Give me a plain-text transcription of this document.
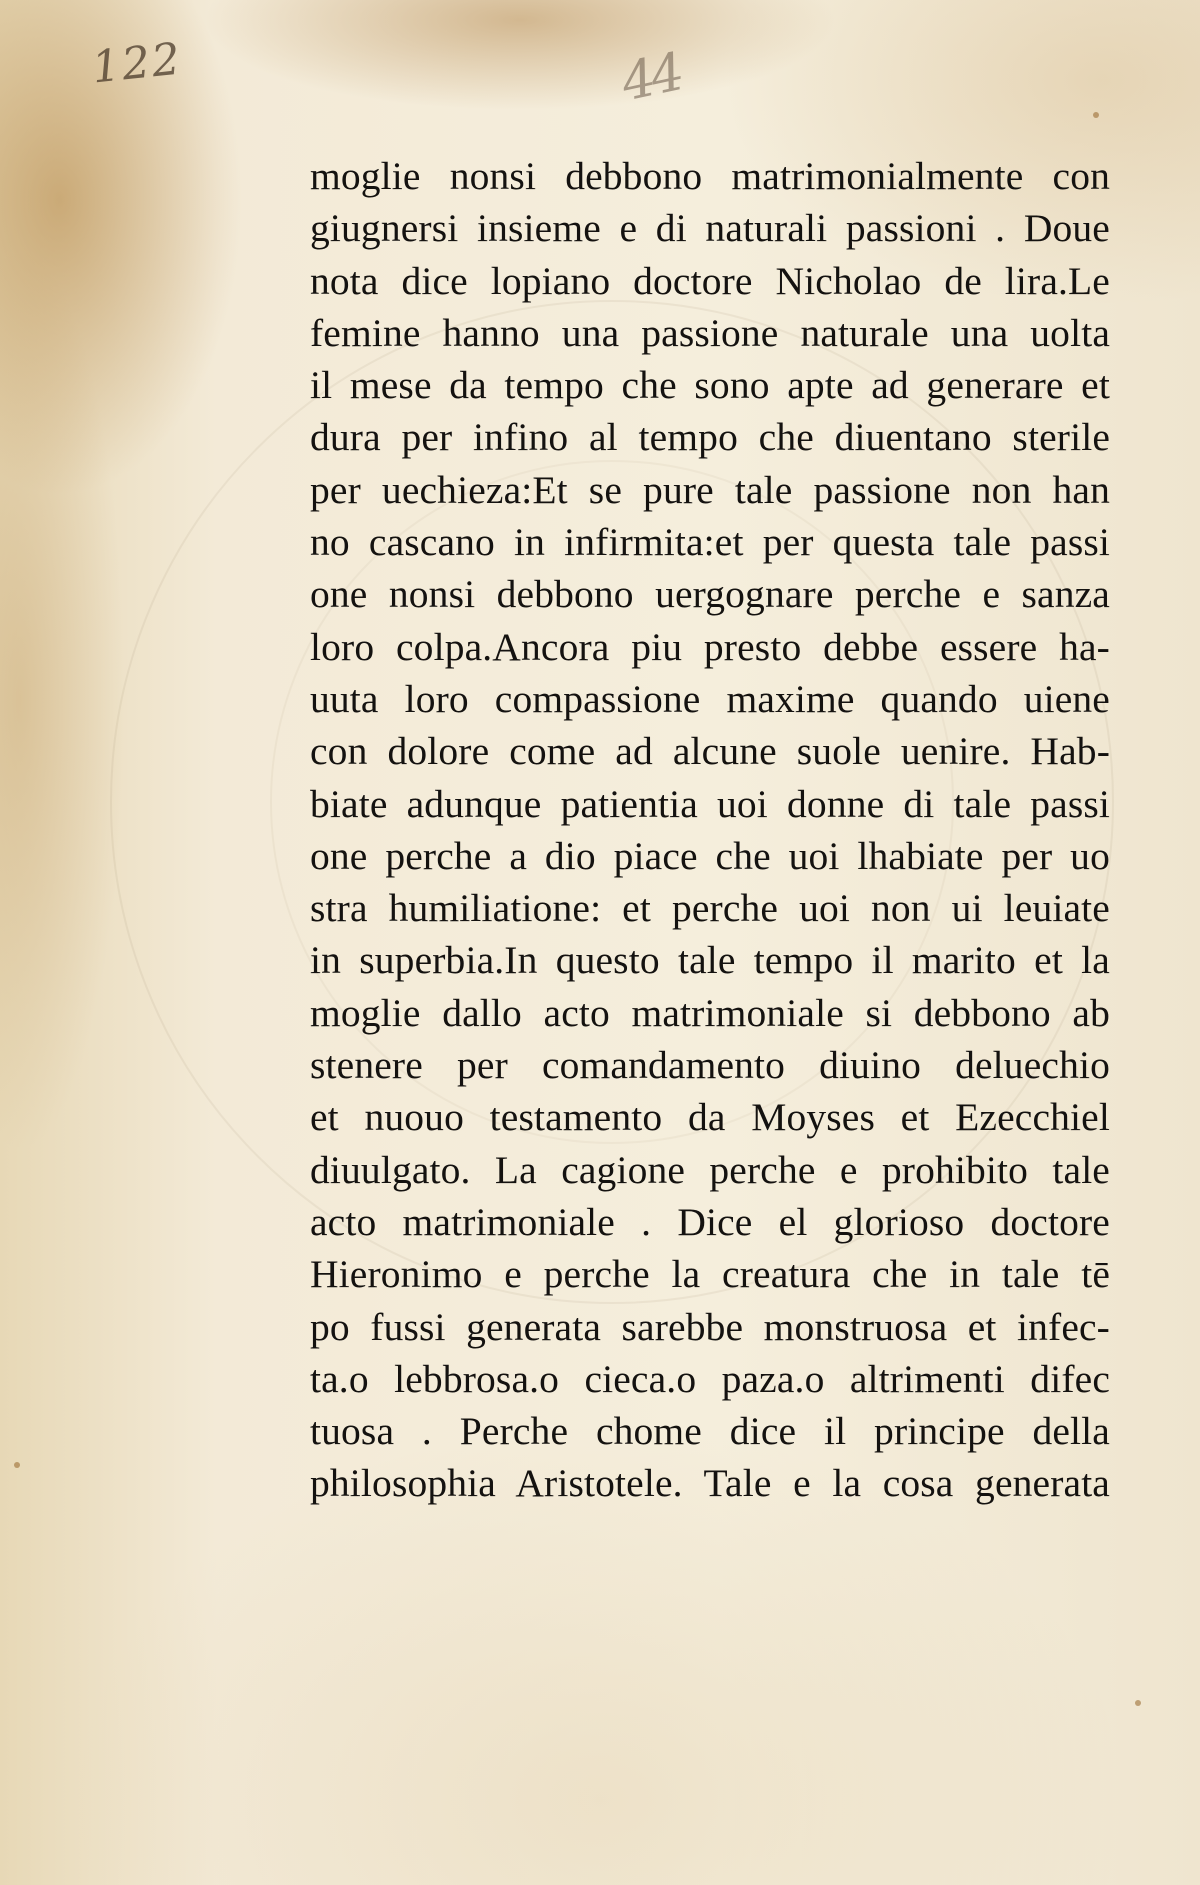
122	44
moglie nonsi debbono matrimonialmente con
giugnersi insieme e di naturali passioni . Doue
nota dice lopiano doctore Nicholao de lira.Le
femine hanno una passione naturale una uolta
il mese da tempo che sono apte ad generare et
dura per infino al tempo che diuentano sterile
per uechieza:Et se pure tale passione non han
no cascano in infirmita:et per questa tale passi
one nonsi debbono uergognare perche e sanza
loro colpa.Ancora piu presto debbe essere ha-
uuta loro compassione maxime quando uiene
con dolore come ad alcune suole uenire. Hab-
biate adunque patientia uoi donne di tale passi
one perche a dio piace che uoi lhabiate per uo
stra humiliatione: et perche uoi non ui leuiate
in superbia.In questo tale tempo il marito et la
moglie dallo acto matrimoniale si debbono ab
stenere per comandamento diuino deluechio
et nuouo testamento da Moyses et Ezecchiel
diuulgato. La cagione perche e prohibito tale
acto matrimoniale . Dice el glorioso doctore
Hieronimo e perche la creatura che in tale tē
po fussi generata sarebbe monstruosa et infec-
ta.o lebbrosa.o cieca.o paza.o altrimenti difec
tuosa . Perche chome dice il principe della
philosophia Aristotele. Tale e la cosa generata
